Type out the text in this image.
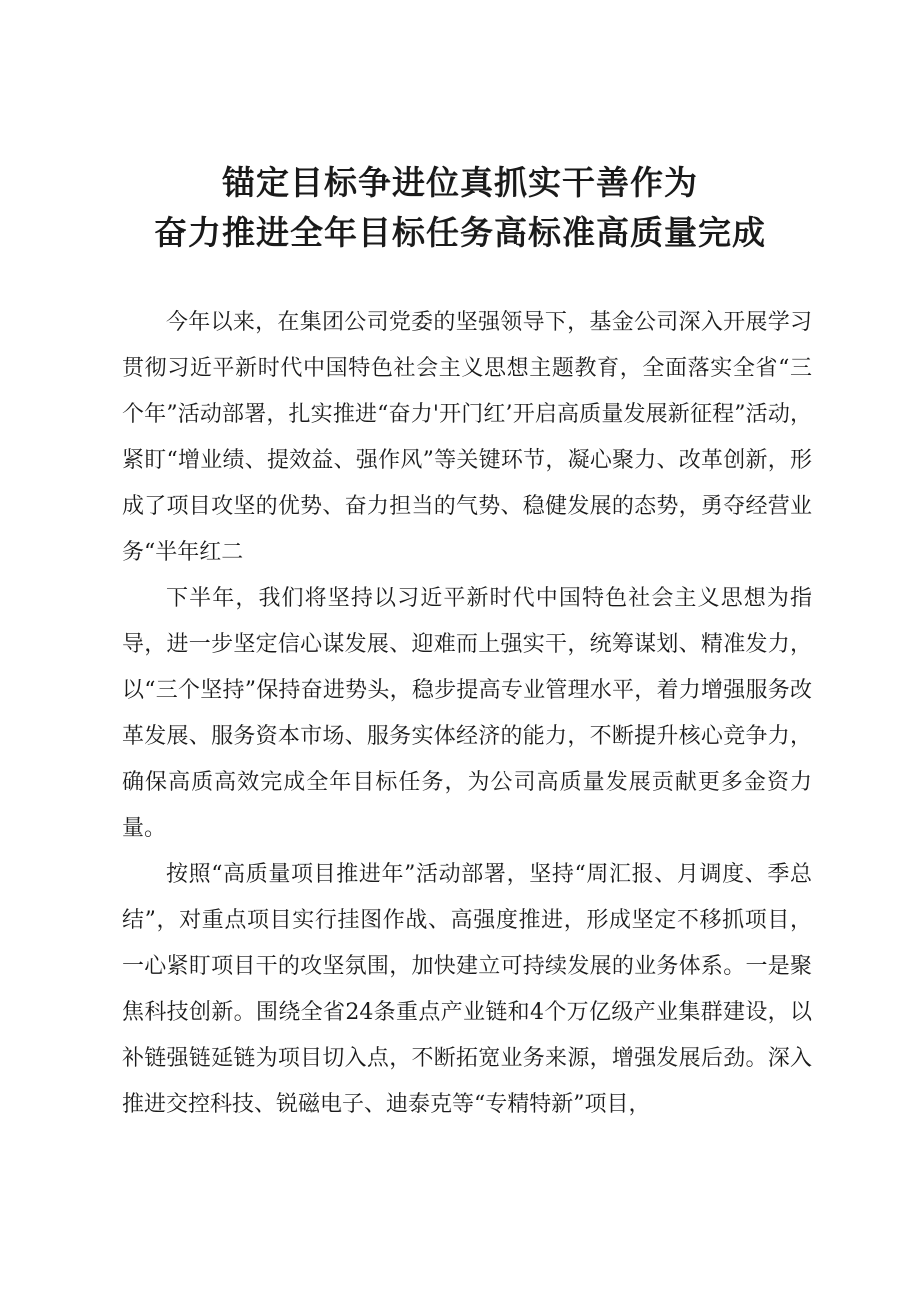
锚定目标争进位真抓实干善作为
奋力推进全年目标任务高标准高质量完成

今年以来，在集团公司党委的坚强领导下，基金公司深入开展学习贯彻习近平新时代中国特色社会主义思想主题教育，全面落实全省“三个年”活动部署，扎实推进“奋力'开门红’开启高质量发展新征程”活动，紧盯“增业绩、提效益、强作风”等关键环节，凝心聚力、改革创新，形成了项目攻坚的优势、奋力担当的气势、稳健发展的态势，勇夺经营业务“半年红二

下半年，我们将坚持以习近平新时代中国特色社会主义思想为指导，进一步坚定信心谋发展、迎难而上强实干，统筹谋划、精准发力，以“三个坚持”保持奋进势头，稳步提高专业管理水平，着力增强服务改革发展、服务资本市场、服务实体经济的能力，不断提升核心竞争力，确保高质高效完成全年目标任务，为公司高质量发展贡献更多金资力量。

按照“高质量项目推进年”活动部署，坚持“周汇报、月调度、季总结”，对重点项目实行挂图作战、高强度推进，形成坚定不移抓项目，一心紧盯项目干的攻坚氛围，加快建立可持续发展的业务体系。一是聚焦科技创新。围绕全省24条重点产业链和4个万亿级产业集群建设，以补链强链延链为项目切入点，不断拓宽业务来源，增强发展后劲。深入推进交控科技、锐磁电子、迪泰克等“专精特新”项目，
